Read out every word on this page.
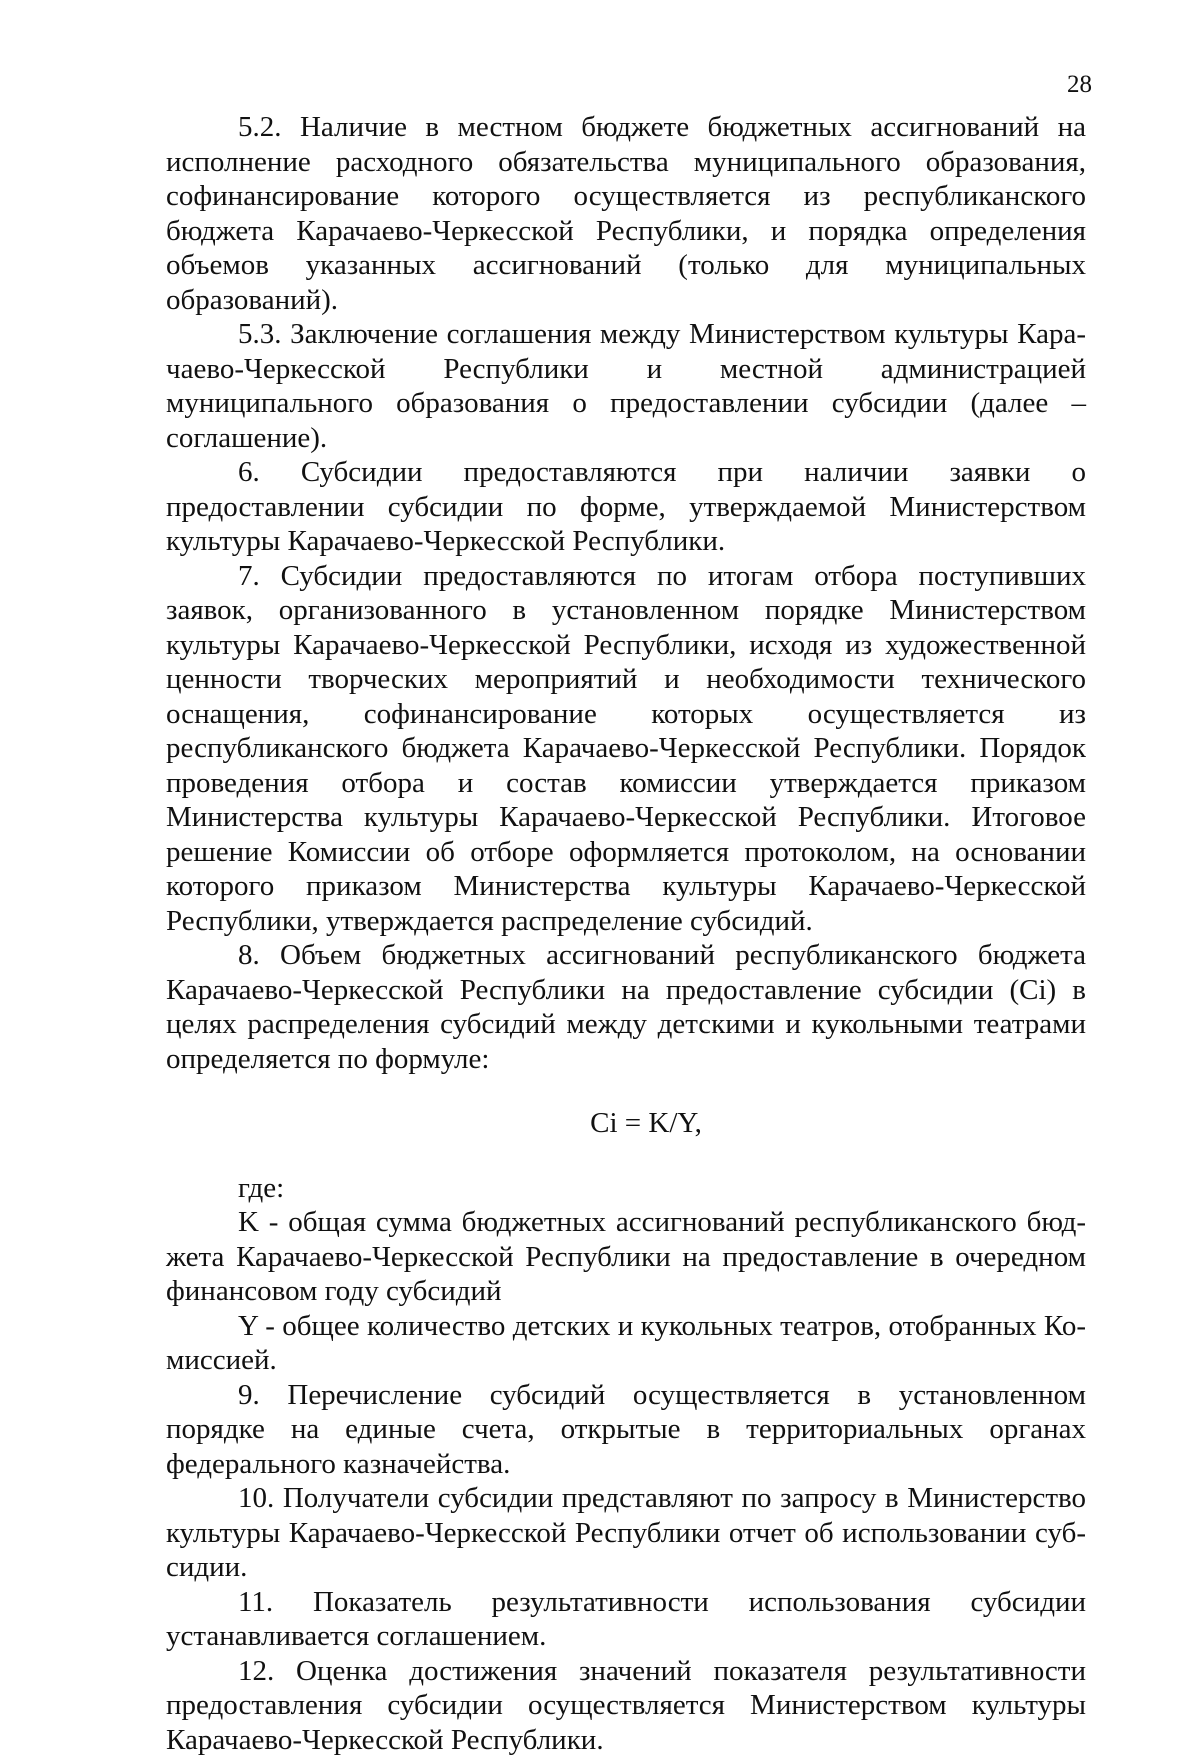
28

5.2. Наличие в местном бюджете бюджетных ассигнований на исполнение расходного обязательства муниципального образования, софинансирование которого осуществляется из республиканского бюджета Карачаево-Черкесской Республики, и порядка определения объемов указанных ассигнований (только для муниципальных образований).

5.3. Заключение соглашения между Министерством культуры Карачаево-Черкесской Республики и местной администрацией муниципального образования о предоставлении субсидии (далее – соглашение).

6. Субсидии предоставляются при наличии заявки о предоставлении субсидии по форме, утверждаемой Министерством культуры Карачаево-Черкесской Республики.

7. Субсидии предоставляются по итогам отбора поступивших заявок, организованного в установленном порядке Министерством культуры Карачаево-Черкесской Республики, исходя из художественной ценности творческих мероприятий и необходимости технического оснащения, софинансирование которых осуществляется из республиканского бюджета Карачаево-Черкесской Республики. Порядок проведения отбора и состав комиссии утверждается приказом Министерства культуры Карачаево-Черкесской Республики. Итоговое решение Комиссии об отборе оформляется протоколом, на основании которого приказом Министерства культуры Карачаево-Черкесской Республики, утверждается распределение субсидий.

8. Объем бюджетных ассигнований республиканского бюджета Карачаево-Черкесской Республики на предоставление субсидии (Ci) в целях распределения субсидий между детскими и кукольными театрами определяется по формуле:

Ci = K/Y,

где:

K - общая сумма бюджетных ассигнований республиканского бюджета Карачаево-Черкесской Республики на предоставление в очередном финансовом году субсидий

Y - общее количество детских и кукольных театров, отобранных Комиссией.

9. Перечисление субсидий осуществляется в установленном порядке на единые счета, открытые в территориальных органах федерального казначейства.

10. Получатели субсидии представляют по запросу в Министерство культуры Карачаево-Черкесской Республики отчет об использовании субсидии.

11. Показатель результативности использования субсидии устанавливается соглашением.

12. Оценка достижения значений показателя результативности предоставления субсидии осуществляется Министерством культуры Карачаево-Черкесской Республики.
